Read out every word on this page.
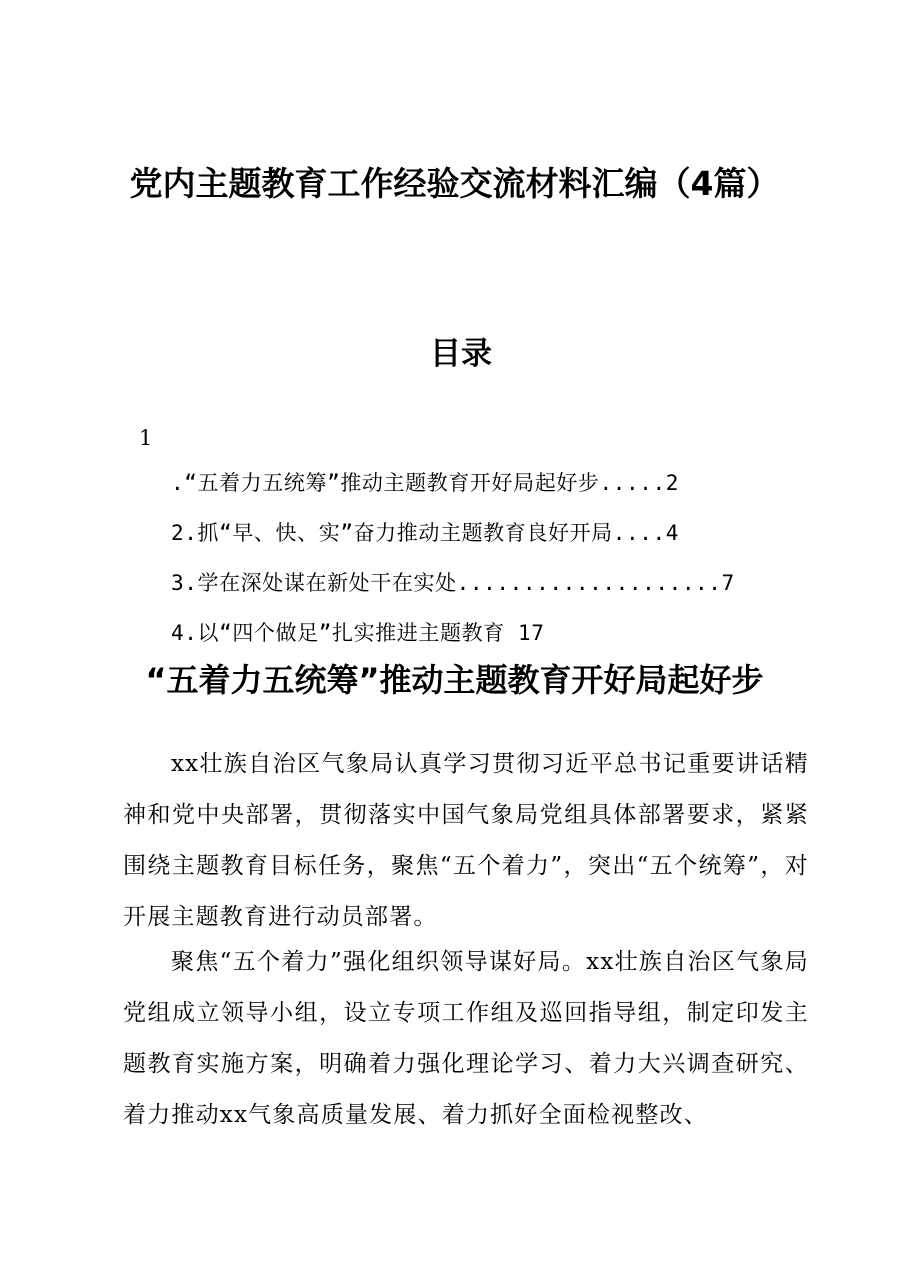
党内主题教育工作经验交流材料汇编（4篇）
目录
1
.“五着力五统筹”推动主题教育开好局起好步.....2
2.抓“早、快、实”奋力推动主题教育良好开局....4
3.学在深处谋在新处干在实处....................7
4.以“四个做足”扎实推进主题教育 17
“五着力五统筹”推动主题教育开好局起好步

xx壮族自治区气象局认真学习贯彻习近平总书记重要讲话精神和党中央部署，贯彻落实中国气象局党组具体部署要求，紧紧围绕主题教育目标任务，聚焦“五个着力”，突出“五个统筹”，对开展主题教育进行动员部署。

聚焦“五个着力”强化组织领导谋好局。xx壮族自治区气象局党组成立领导小组，设立专项工作组及巡回指导组，制定印发主题教育实施方案，明确着力强化理论学习、着力大兴调查研究、着力推动xx气象高质量发展、着力抓好全面检视整改、
